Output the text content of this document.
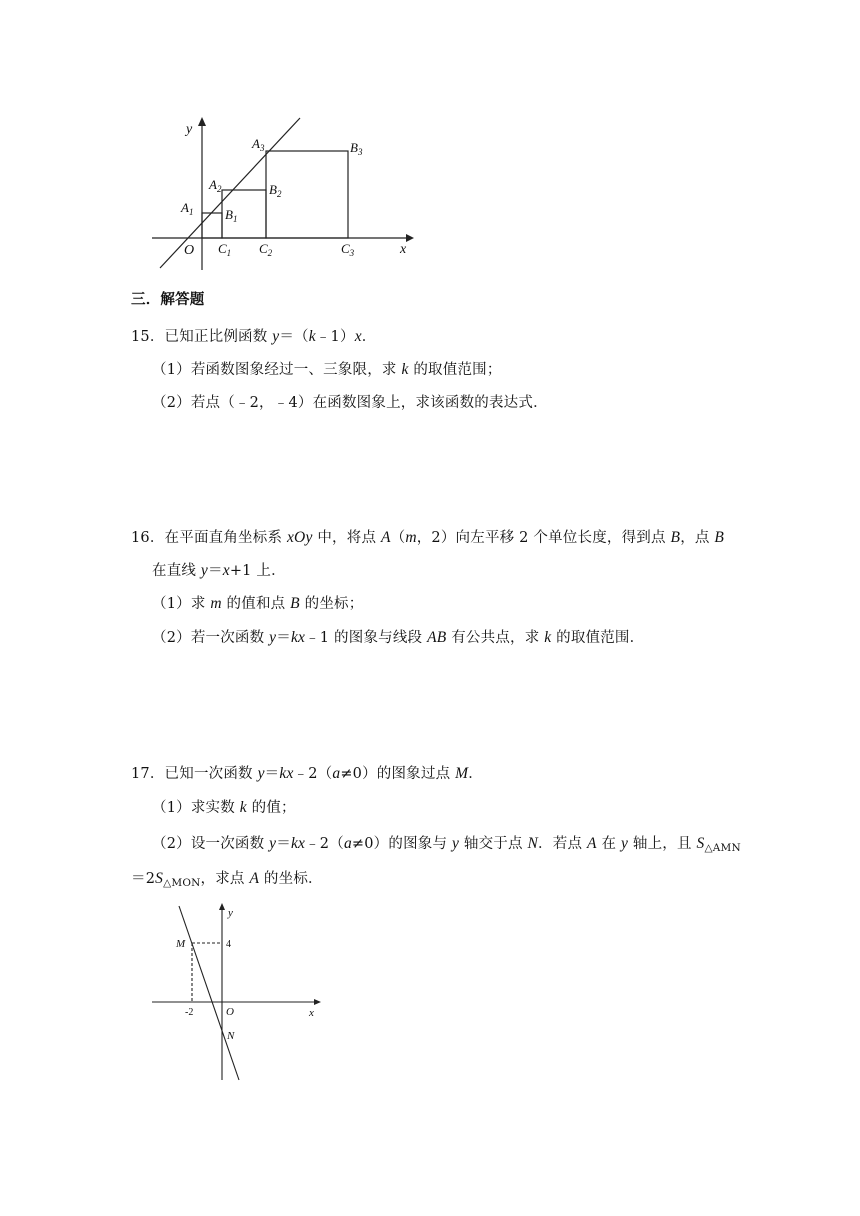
y
x
O
$A_1$
$A_2$
$A_3$
$B_1$
$B_2$
$B_3$
$C_1$ $C_2$	$C_3$
三．解答题
15．已知正比例函数 y＝（k﹣1）x．
（1）若函数图象经过一、三象限，求 k 的取值范围；
（2）若点（﹣2，﹣4）在函数图象上，求该函数的表达式．
16．在平面直角坐标系 xOy 中，将点 A（m，2）向左平移 2 个单位长度，得到点 B，点 B
在直线 y＝x+1 上．
（1）求 m 的值和点 B 的坐标；
（2）若一次函数 y＝kx﹣1 的图象与线段 AB 有公共点，求 k 的取值范围．
17．已知一次函数 y＝kx﹣2（a≠0）的图象过点 M．
（1）求实数 k 的值；
（2）设一次函数 y＝kx﹣2（a≠0）的图象与 y 轴交于点 N．若点 A 在 y 轴上，且 $S_{\triangle AMN}$
$=2S_{\triangle MON}$，求点 A 的坐标．
y
x
O
M
N
4
-2
